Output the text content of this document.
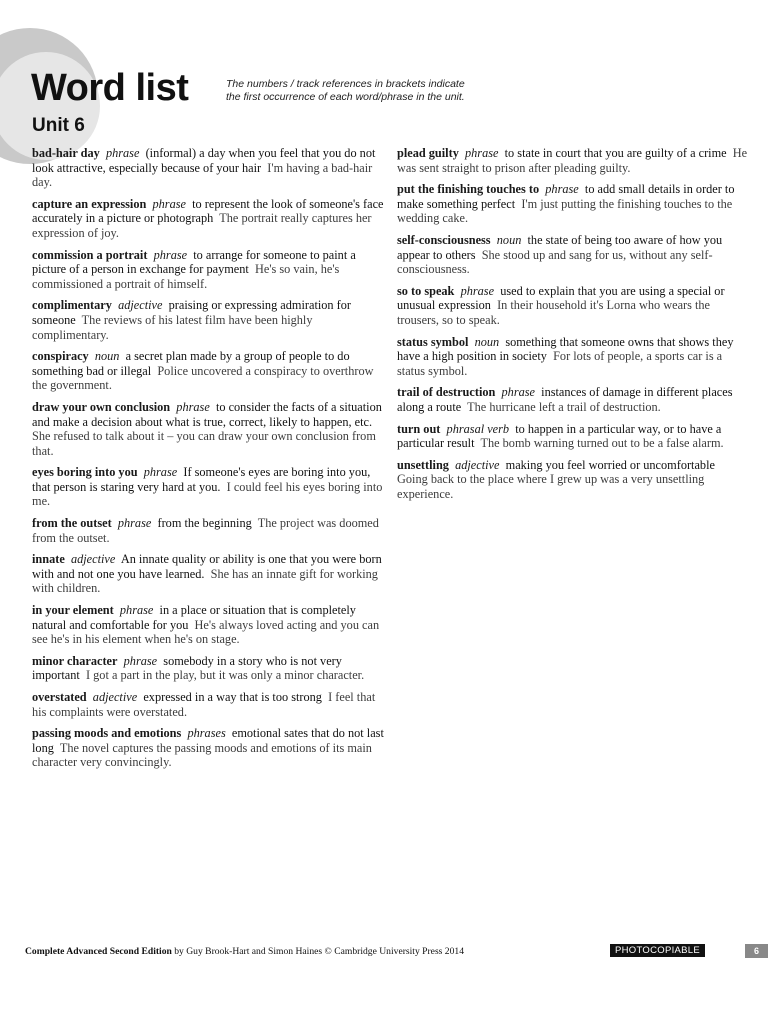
Word list
Unit 6
The numbers / track references in brackets indicate
the first occurrence of each word/phrase in the unit.
bad-hair day phrase (informal) a day when you feel that you do not look attractive, especially because of your hair I'm having a bad-hair day.
capture an expression phrase to represent the look of someone's face accurately in a picture or photograph The portrait really captures her expression of joy.
commission a portrait phrase to arrange for someone to paint a picture of a person in exchange for payment He's so vain, he's commissioned a portrait of himself.
complimentary adjective praising or expressing admiration for someone The reviews of his latest film have been highly complimentary.
conspiracy noun a secret plan made by a group of people to do something bad or illegal Police uncovered a conspiracy to overthrow the government.
draw your own conclusion phrase to consider the facts of a situation and make a decision about what is true, correct, likely to happen, etc.  She refused to talk about it – you can draw your own conclusion from that.
eyes boring into you phrase If someone's eyes are boring into you, that person is staring very hard at you. I could feel his eyes boring into me.
from the outset phrase from the beginning The project was doomed from the outset.
innate adjective An innate quality or ability is one that you were born with and not one you have learned. She has an innate gift for working with children.
in your element phrase in a place or situation that is completely natural and comfortable for you He's always loved acting and you can see he's in his element when he's on stage.
minor character phrase somebody in a story who is not very important I got a part in the play, but it was only a minor character.
overstated adjective expressed in a way that is too strong I feel that his complaints were overstated.
passing moods and emotions phrases emotional sates that do not last long The novel captures the passing moods and emotions of its main character very convincingly.
plead guilty phrase to state in court that you are guilty of a crime He was sent straight to prison after pleading guilty.
put the finishing touches to phrase to add small details in order to make something perfect I'm just putting the finishing touches to the wedding cake.
self-consciousness noun the state of being too aware of how you appear to others She stood up and sang for us, without any self-consciousness.
so to speak phrase used to explain that you are using a special or unusual expression In their household it's Lorna who wears the trousers, so to speak.
status symbol noun something that someone owns that shows they have a high position in society For lots of people, a sports car is a status symbol.
trail of destruction phrase instances of damage in different places along a route The hurricane left a trail of destruction.
turn out phrasal verb to happen in a particular way, or to have a particular result The bomb warning turned out to be a false alarm.
unsettling adjective making you feel worried or uncomfortable  Going back to the place where I grew up was a very unsettling experience.
Complete Advanced Second Edition by Guy Brook-Hart and Simon Haines © Cambridge University Press 2014	PHOTOCOPIABLE	6
